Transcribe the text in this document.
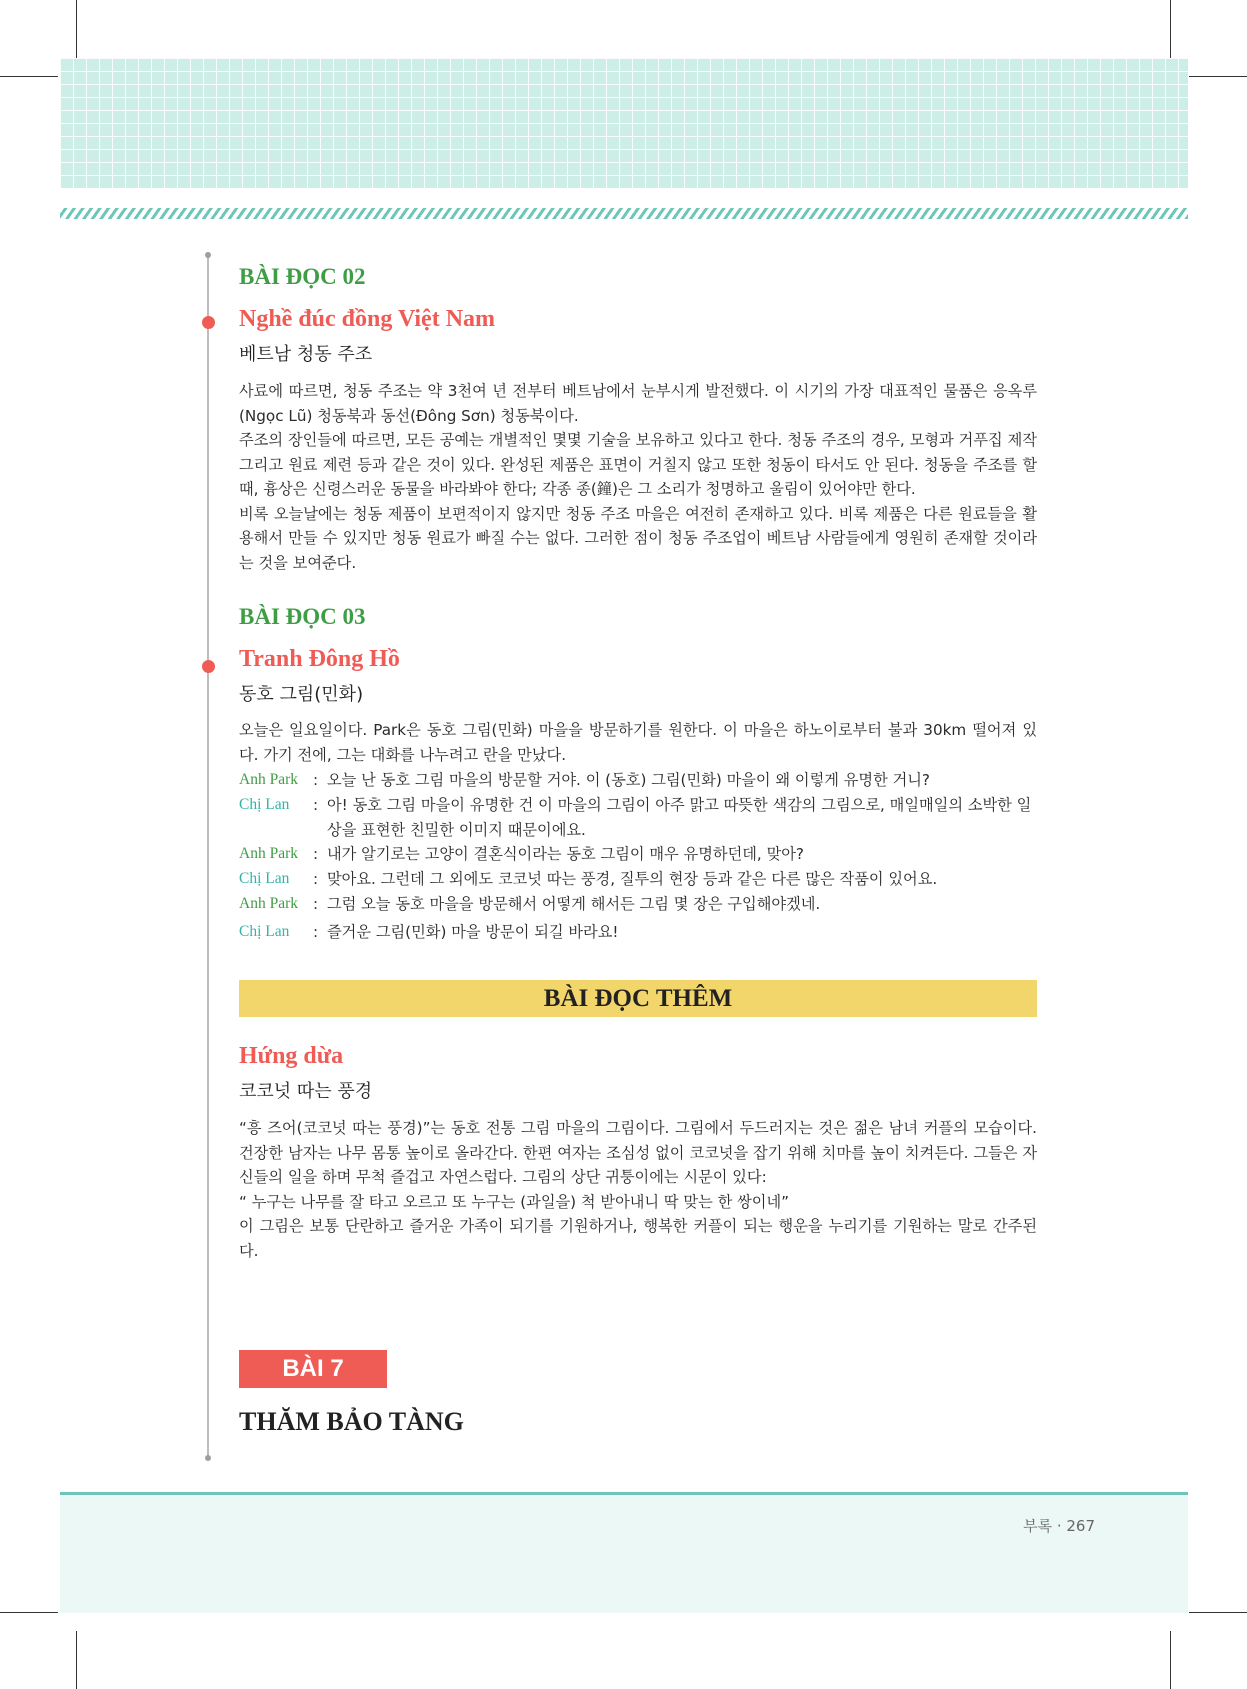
BÀI ĐỌC 02
Nghề đúc đồng Việt Nam
베트남 청동 주조

사료에 따르면, 청동 주조는 약 3천여 년 전부터 베트남에서 눈부시게 발전했다. 이 시기의 가장 대표적인 물품은 응옥루(Ngọc Lũ) 청동북과 동선(Đông Sơn) 청동북이다.

주조의 장인들에 따르면, 모든 공예는 개별적인 몇몇 기술을 보유하고 있다고 한다. 청동 주조의 경우, 모형과 거푸집 제작 그리고 원료 제련 등과 같은 것이 있다. 완성된 제품은 표면이 거칠지 않고 또한 청동이 타서도 안 된다. 청동을 주조를 할 때, 흉상은 신령스러운 동물을 바라봐야 한다; 각종 종(鐘)은 그 소리가 청명하고 울림이 있어야만 한다.

비록 오늘날에는 청동 제품이 보편적이지 않지만 청동 주조 마을은 여전히 존재하고 있다. 비록 제품은 다른 원료들을 활용해서 만들 수 있지만 청동 원료가 빠질 수는 없다. 그러한 점이 청동 주조업이 베트남 사람들에게 영원히 존재할 것이라는 것을 보여준다.

BÀI ĐỌC 03
Tranh Đông Hồ
동호 그림(민화)

오늘은 일요일이다. Park은 동호 그림(민화) 마을을 방문하기를 원한다. 이 마을은 하노이로부터 불과 30km 떨어져 있다. 가기 전에, 그는 대화를 나누려고 란을 만났다.

Anh Park : 오늘 난 동호 그림 마을의 방문할 거야. 이 (동호) 그림(민화) 마을이 왜 이렇게 유명한 거니?
Chị Lan	: 아! 동호 그림 마을이 유명한 건 이 마을의 그림이 아주 맑고 따뜻한 색감의 그림으로, 매일매일의 소박한 일상을 표현한 친밀한 이미지 때문이에요.
Anh Park : 내가 알기로는 고양이 결혼식이라는 동호 그림이 매우 유명하던데, 맞아?
Chị Lan	: 맞아요. 그런데 그 외에도 코코넛 따는 풍경, 질투의 현장 등과 같은 다른 많은 작품이 있어요.
Anh Park : 그럼 오늘 동호 마을을 방문해서 어떻게 해서든 그림 몇 장은 구입해야겠네.
Chị Lan	: 즐거운 그림(민화) 마을 방문이 되길 바라요!
BÀI ĐỌC THÊM
Hứng dừa
코코넛 따는 풍경

“흥 즈어(코코넛 따는 풍경)”는 동호 전통 그림 마을의 그림이다. 그림에서 두드러지는 것은 젊은 남녀 커플의 모습이다. 건장한 남자는 나무 몸통 높이로 올라간다. 한편 여자는 조심성 없이 코코넛을 잡기 위해 치마를 높이 치켜든다. 그들은 자신들의 일을 하며 무척 즐겁고 자연스럽다. 그림의 상단 귀퉁이에는 시문이 있다:

“ 누구는 나무를 잘 타고 오르고 또 누구는 (과일을) 척 받아내니 딱 맞는 한 쌍이네”

이 그림은 보통 단란하고 즐거운 가족이 되기를 기원하거나, 행복한 커플이 되는 행운을 누리기를 기원하는 말로 간주된다.

BÀI 7
THĂM BẢO TÀNG
부록 · 267
